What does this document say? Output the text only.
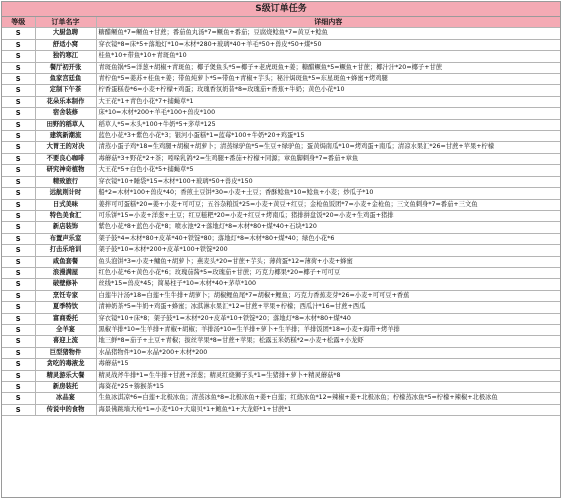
S级订单任务
等级	订单名字	详细内容
S	大厨急聘	糖醋鳜鱼*7=鳜鱼+甘蔗；番茄鱼丸汤*7=鳜鱼+番茄；豆腐烧鲶鱼*7=黄豆+鲶鱼
S	舒适小窝	穿衣镜*8=床*5+落地灯*10=木材*280+玻璃*40+羊毛*50+兽皮*50+煤*50
S	独钓寒江	桂鱼*10+带鱼*10+青斑鱼*10
S	餐厅初开张	青斑鱼锅*5=洋葱+胡椒+青斑鱼；椰子煲鱼头*5=椰子+老虎斑鱼+姜；糖醋鳜鱼*5=鳜鱼+甘蔗；椰汁汁*20=椰子+甘蔗
S	鱼家宫廷鱼	青柠鱼*5=姜苏+桂鱼+姜；带鱼炖萝卜*5=带鱼+青椒+芋头；秘汁焗斑鱼*5=东星斑鱼+蜂蜜+烤鸡腿
S	定制下午茶	柠香蛋糕卷*6=小麦+柠檬+鸡蛋；玫瑰香氛奶昔*8=玫瑰茄+香蕉+牛奶；黄色小花*10
S	花朵乐本制作	大王花*1+青色小花*7+捕蝇草*1
S	宿舍装修	床*10=木材*200+羊毛*100+兽皮*100
S	田野的稻草人	稻草人*5=木头*100+牛奶*5+茅草*125
S	建筑新潮流	蓝色小花*3+紫色小花*3；银河小蛋糕*1=蓝莓*100+牛奶*20+鸡蛋*15
S	大胃王的对决	清蒸小蛋子鸡*18=生鸡腿+胡椒+胡萝卜；清蒸绿驴鱼*5=生豆+绿驴鱼；蛋黄焗南瓜*10=烤鸡蛋+南瓜；清凉水果汇*26=甘蔗+苹果+柠檬
S	不要良心咖啡	毒蘑菇*3+野花*2+茶；吲哚乳鸽*2=生鸡腿+番茄+柠檬+同源；章鱼脚刺身*7=番茄+章鱼
S	研究神奇植物	大王花*5+白色小花*5+捕蝇草*5
S	精致旅行	穿衣镜*10+睡袋*15=木材*100+玻璃*50+兽皮*150
S	远航则计时	船*2=木材*100+兽皮*40；香煎土豆饼*30=小麦+土豆；香酥鲶鱼*10=鲶鱼+小麦；炒瓜子*10
S	日式美味	姜拌可可蛋糕*20=姜+小麦+可可豆；五谷杂粮饭*25=小麦+黄豆+红豆；金枪鱼饭团*7=小麦+金枪鱼；三文鱼刺身*7=番茄+三文鱼
S	特色美食汇	可乐饼*15=小麦+洋葱+土豆；红豆糍粑*20=小麦+红豆+烤南瓜；猪排拼盘饭*20=小麦+生鸡蛋+猪排
S	新店装饰	紫色小花*8+蓝色小花*8；喷水池*2+落地灯*8=木材*80+煤*40+石块*120
S	布置声乐室	架子鼓*4=木材*80+皮革*40+铁锭*80；落地灯*8=木材*80+煤*40；绿色小花*6
S	打击乐培训	架子鼓*10=木材*200+皮革*100+铁锭*200
S	咸鱼套餐	鱼头泡饼*3=小麦+鳙鱼+胡萝卜；燕麦头*20=甘蔗+芋头；薄荷蛋*12=薄荷+小麦+蜂蜜
S	浪漫满屋	红色小花*6+黄色小花*6；玫瑰茄酱*5=玫瑰茄+甘蔗；巧克力椰果*20=椰子+可可豆
S	破壁修补	丝线*15=兽皮*45；简易柱子*10=木材*40+茅草*100
S	烹饪专家	白莲牛汁汤*18=白莲+生牛排+胡萝卜；胡椒鲤鱼尾*7=胡椒+鲤鱼；巧克力香蕉麦芽*26=小麦+可可豆+香蕉
S	夏季特饮	清神奶茶*5=牛奶+鸡蛋+蜂蜜；冰淇淋水果汇*12=甘蔗+苹果+柠檬；西瓜汁*16=甘蔗+西瓜
S	富商委托	穿衣镜*10+床*8；架子鼓*1=木材*20+皮革*10+铁锭*20；落地灯*8=木材*80+煤*40
S	全羊宴	黑椒羊排*10=生羊排+青椒+胡椒；羊排汤*10=生羊排+萝卜+生羊排；羊排饭团*18=小麦+海带+烤羊排
S	喜迎上流	地三鲜*8=茄子+土豆+青椒；拔丝苹果*8=甘蔗+苹果；松露玉米奶糕*2=小麦+松露+小龙虾
S	巨型猪物件	水晶猪物件*10=水晶*200+木材*200
S	贪吃的毒液龙	毒蘑菇*15
S	精灵游乐大餐	精灵战斧牛排*1=生牛排+甘蔗+洋葱；精灵红烧狮子头*1=生猪排+萝卜+精灵蘑菇*8
S	新房装托	海葵花*25+猕猴茶*15
S	冰品宴	生鱼冰淇凉*6=白莲+北极冰鱼；清蒸冰鱼*8=北极冰鱼+姜+白莲；红烧冰鱼*12=辣椒+姜+北极冰鱼；柠檬蒸冰鱼*5=柠檬+辣椒+北极冰鱼
S	传说中的食物	海景佛跳墙大枪*1=小麦*10+大扇贝*1+鲍鱼*1+大龙虾*1+甘蔗*1
